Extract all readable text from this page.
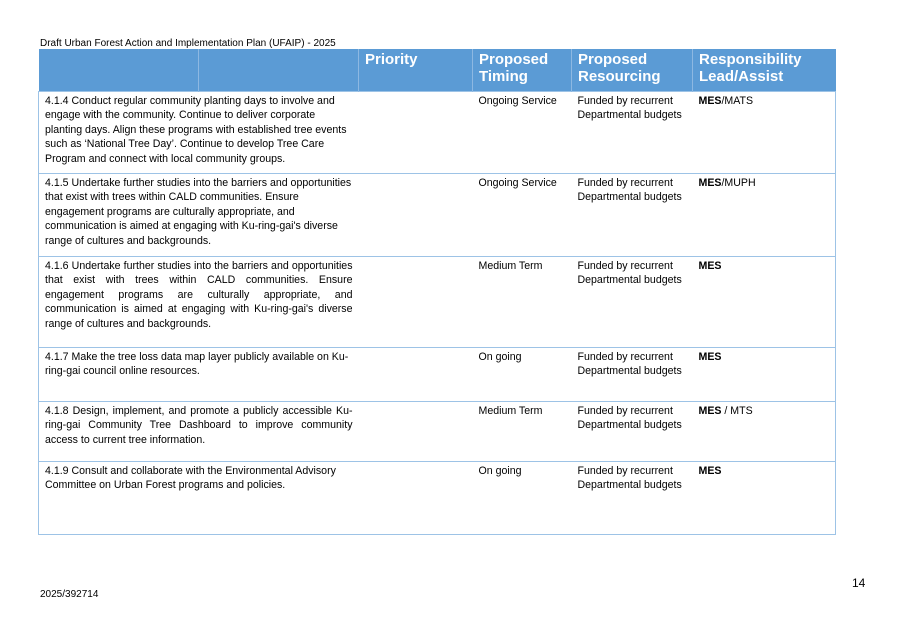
Draft Urban Forest Action and Implementation Plan (UFAIP) - 2025
		Priority	Proposed Timing	Proposed Resourcing	Responsibility Lead/Assist
4.1.4 Conduct regular community planting days to involve and engage with the community. Continue to deliver corporate planting days. Align these programs with established tree events such as ‘National Tree Day’. Continue to develop Tree Care Program and connect with local community groups.			Ongoing Service	Funded by recurrent Departmental budgets	MES/MATS
4.1.5 Undertake further studies into the barriers and opportunities that exist with trees within CALD communities. Ensure engagement programs are culturally appropriate, and communication is aimed at engaging with Ku-ring-gai's diverse range of cultures and backgrounds.			Ongoing Service	Funded by recurrent Departmental budgets	MES/MUPH
4.1.6 Undertake further studies into the barriers and opportunities that exist with trees within CALD communities. Ensure engagement programs are culturally appropriate, and communication is aimed at engaging with Ku-ring-gai's diverse range of cultures and backgrounds.			Medium Term	Funded by recurrent Departmental budgets	MES
4.1.7 Make the tree loss data map layer publicly available on Ku-ring-gai council online resources.			On going	Funded by recurrent Departmental budgets	MES
4.1.8 Design, implement, and promote a publicly accessible Ku-ring-gai Community Tree Dashboard to improve community access to current tree information.			Medium Term	Funded by recurrent Departmental budgets	MES / MTS
4.1.9 Consult and collaborate with the Environmental Advisory Committee on Urban Forest programs and policies.			On going	Funded by recurrent Departmental budgets	MES
14
2025/392714
